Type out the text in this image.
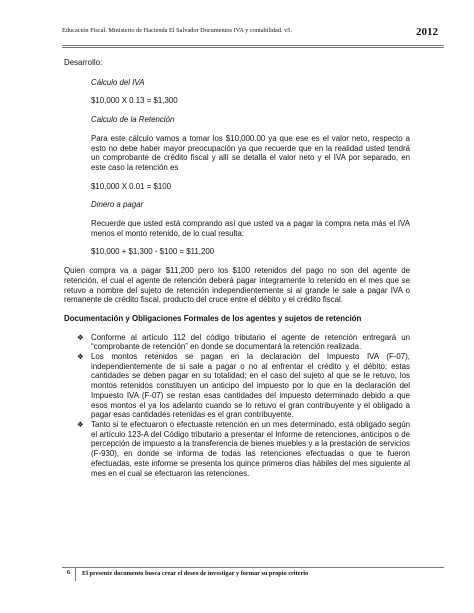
Educación Fiscal. Ministerio de Hacienda El Salvador Documentos IVA y contabilidad. v5.	2012

Desarrollo:

Cálculo del IVA

$10,000 X 0.13 = $1,300

Calculo de la Retención

Para este cálculo vamos a tomar los $10,000.00 ya que ese es el valor neto, respecto a esto no debe haber mayor preocupación ya que recuerde que en la realidad usted tendrá un comprobante de crédito fiscal y allí se detalla el valor neto y el IVA por separado, en este caso la retención es

$10,000 X 0.01 = $100

Dinero a pagar

Recuerde que usted está comprando así que usted va a pagar la compra neta más el IVA menos el monto retenido, de lo cual resulta:

$10,000 + $1,300 - $100 = $11,200

Quien compra va a pagar $11,200 pero los $100 retenidos del pago no son del agente de retención, el cual el agente de retención deberá pagar íntegramente lo retenido en el mes que se retuvo a nombre del sujeto de retención independientemente si al grande le sale a pagar IVA o remanente de crédito fiscal, producto del cruce entre el débito y el crédito fiscal.

Documentación y Obligaciones Formales de los agentes y sujetos de retención

❖ Conforme al artículo 112 del código tributario el agente de retención entregará un “comprobante de retención” en donde se documentará la retención realizada.
❖ Los montos retenidos se pagan en la declaración del Impuesto IVA (F-07), independientemente de si sale a pagar o no al enfrentar el crédito y el débito; estas cantidades se deben pagar en su totalidad; en el caso del sujeto al que se le retuvo, los montos retenidos constituyen un anticipo del impuesto por lo que en la declaración del Impuesto IVA (F-07) se restan esas cantidades del impuesto determinado debido a que esos montos el ya los adelanto cuando se lo retuvo el gran contribuyente y el obligado a pagar esas cantidades retenidas es el gran contribuyente.
❖ Tanto si te efectuaron o efectuaste retención en un mes determinado, está obligado según el artículo 123-A del Código tributario a presentar el Informe de retenciones, anticipos o de percepción de impuesto a la transferencia de bienes muebles y a la prestación de servicios (F-930), en donde se informa de todas las retenciones efectuadas o que te fueron efectuadas, este informe se presenta los quince primeros días hábiles del mes siguiente al mes en el cual se efectuaron las retenciones.
6	El presente documento busca crear el deseo de investigar y formar su propio criterio
